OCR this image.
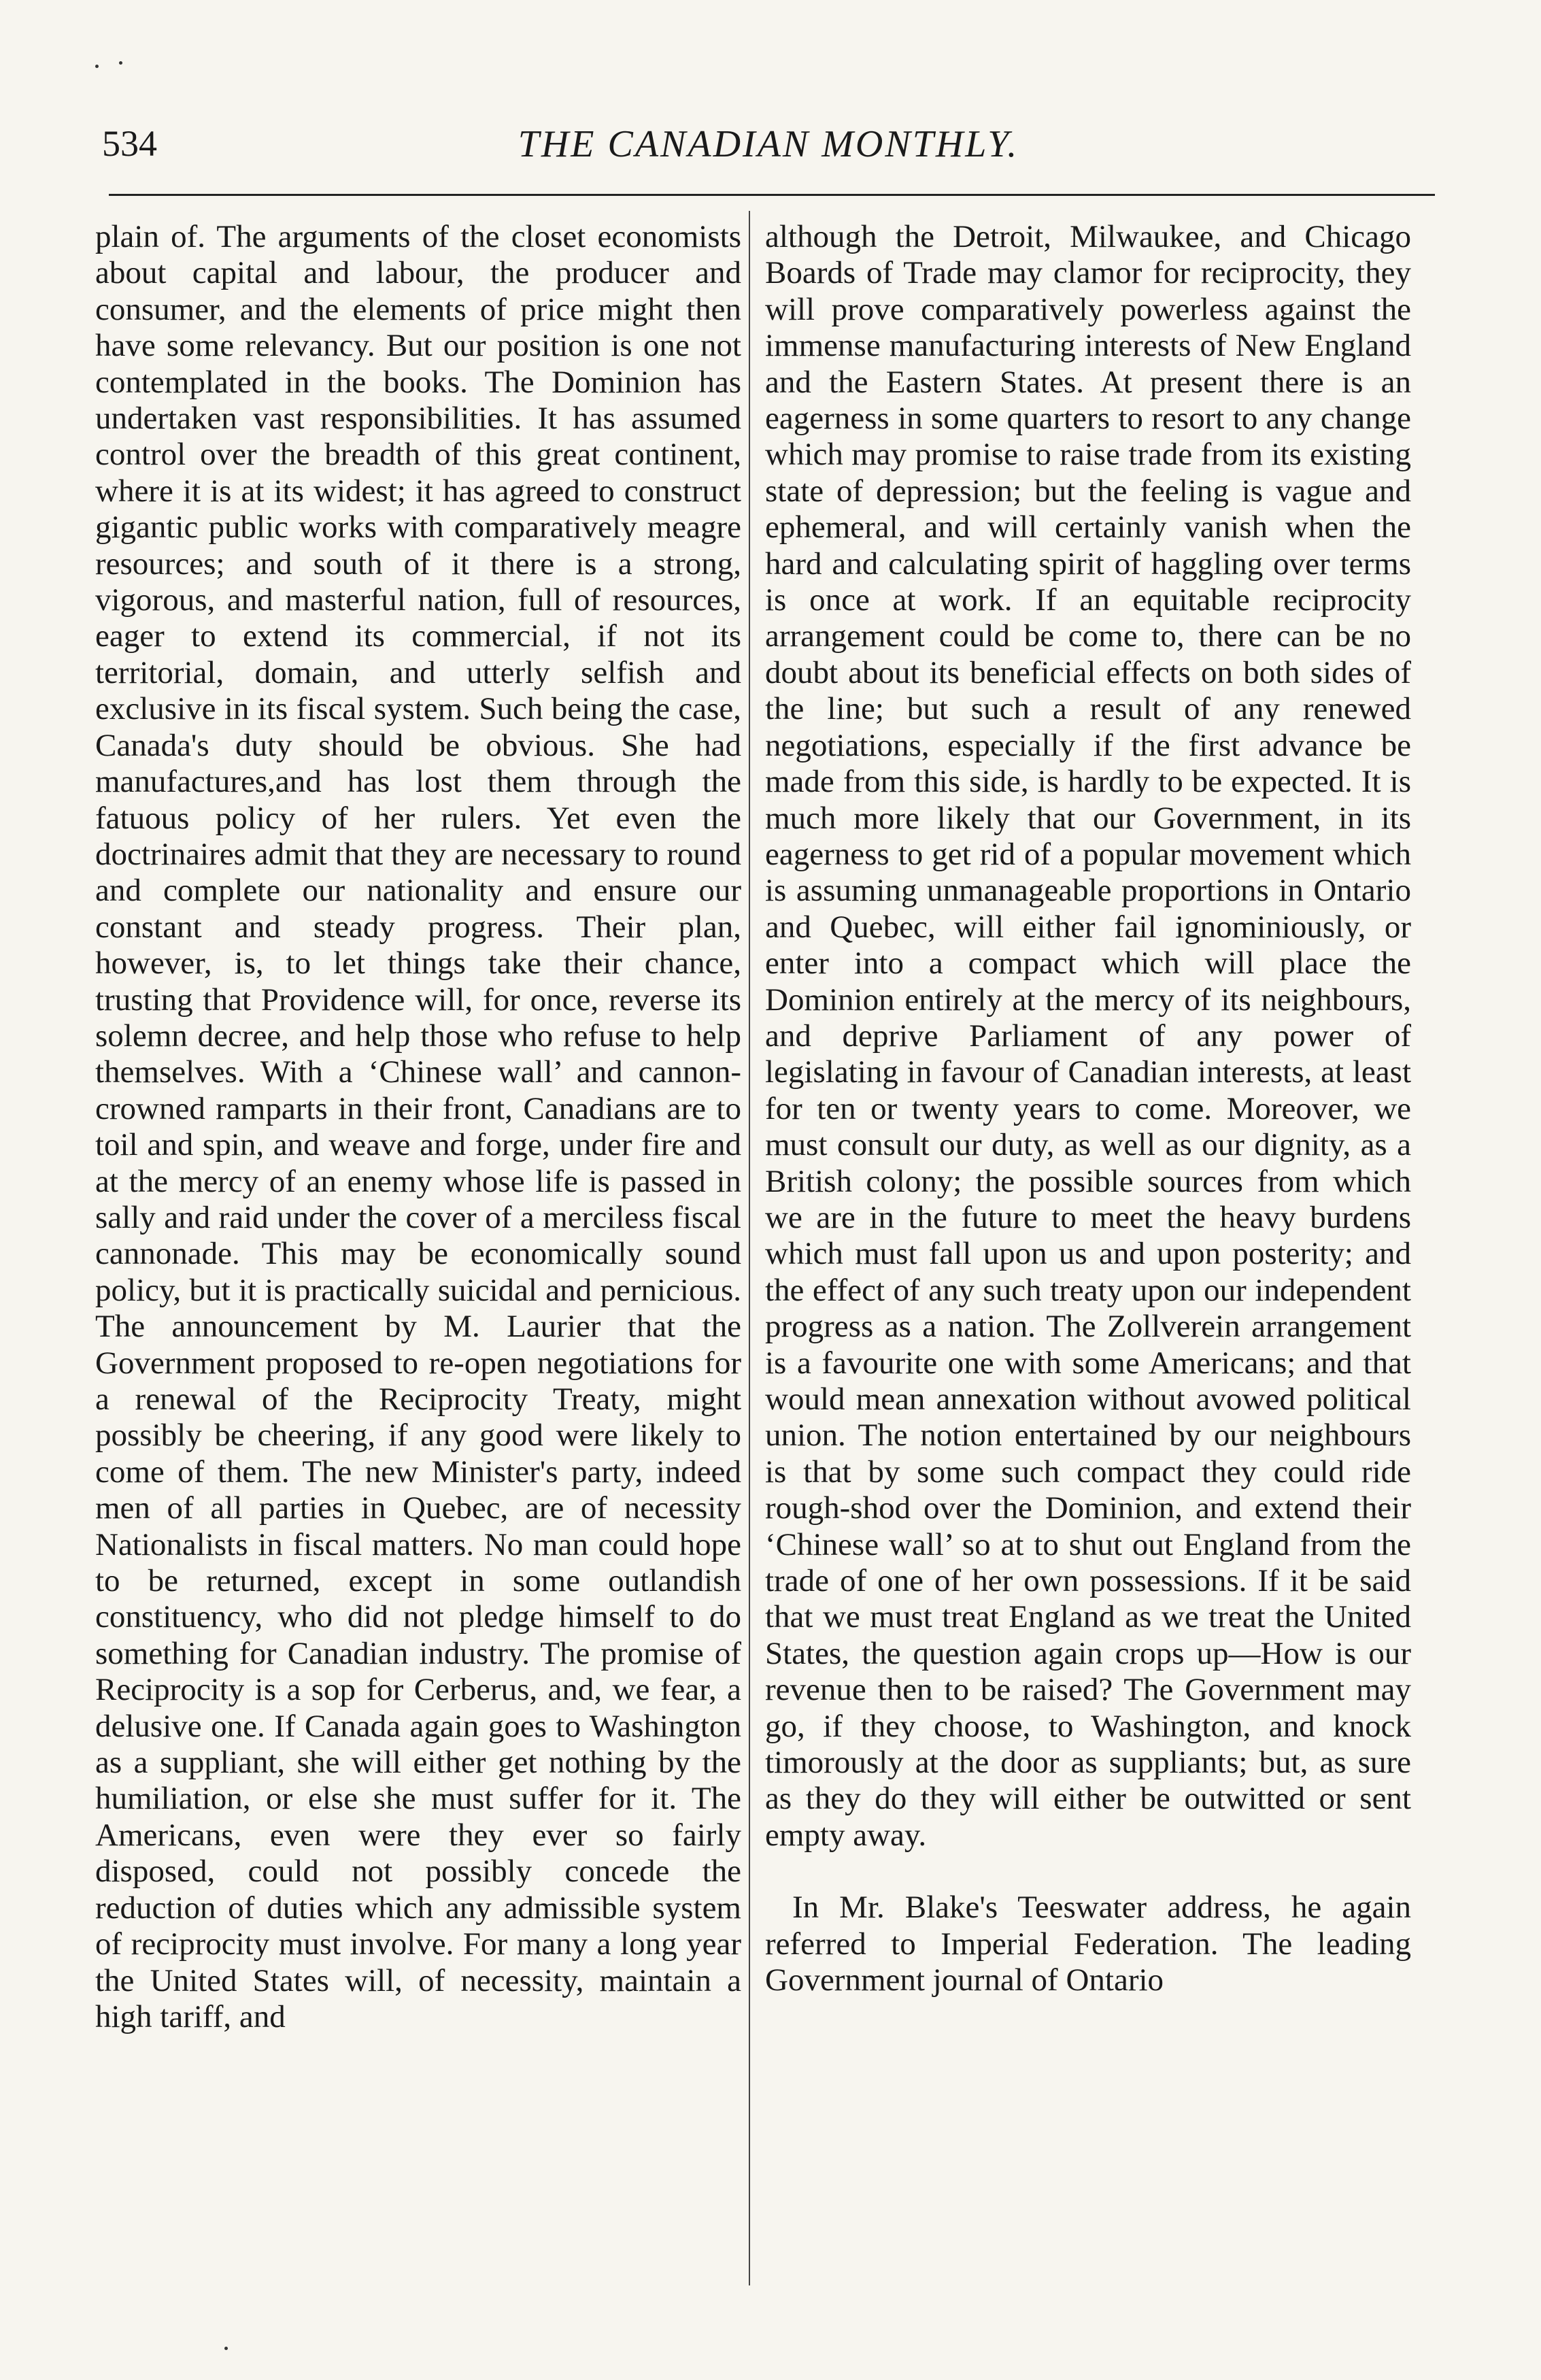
534	THE CANADIAN MONTHLY.

plain of. The arguments of the closet economists about capital and labour, the producer and consumer, and the elements of price might then have some relevancy. But our position is one not contemplated in the books. The Dominion has undertaken vast responsibilities. It has assumed control over the breadth of this great continent, where it is at its widest; it has agreed to construct gigantic public works with comparatively meagre resources; and south of it there is a strong, vigorous, and masterful nation, full of resources, eager to extend its commercial, if not its territorial, domain, and utterly selfish and exclusive in its fiscal system. Such being the case, Canada's duty should be obvious. She had manufactures,and has lost them through the fatuous policy of her rulers. Yet even the doctrinaires admit that they are necessary to round and complete our nationality and ensure our constant and steady progress. Their plan, however, is, to let things take their chance, trusting that Providence will, for once, reverse its solemn decree, and help those who refuse to help themselves. With a ‘Chinese wall’ and cannon-crowned ramparts in their front, Canadians are to toil and spin, and weave and forge, under fire and at the mercy of an enemy whose life is passed in sally and raid under the cover of a merciless fiscal cannonade. This may be economically sound policy, but it is practically suicidal and pernicious. The announcement by M. Laurier that the Government proposed to re-open negotiations for a renewal of the Reciprocity Treaty, might possibly be cheering, if any good were likely to come of them. The new Minister's party, indeed men of all parties in Quebec, are of necessity Nationalists in fiscal matters. No man could hope to be returned, except in some outlandish constituency, who did not pledge himself to do something for Canadian industry. The promise of Reciprocity is a sop for Cerberus, and, we fear, a delusive one. If Canada again goes to Washington as a suppliant, she will either get nothing by the humiliation, or else she must suffer for it. The Americans, even were they ever so fairly disposed, could not possibly concede the reduction of duties which any admissible system of reciprocity must involve. For many a long year the United States will, of necessity, maintain a high tariff, and

although the Detroit, Milwaukee, and Chicago Boards of Trade may clamor for reciprocity, they will prove comparatively powerless against the immense manufacturing interests of New England and the Eastern States. At present there is an eagerness in some quarters to resort to any change which may promise to raise trade from its existing state of depression; but the feeling is vague and ephemeral, and will certainly vanish when the hard and calculating spirit of haggling over terms is once at work. If an equitable reciprocity arrangement could be come to, there can be no doubt about its beneficial effects on both sides of the line; but such a result of any renewed negotiations, especially if the first advance be made from this side, is hardly to be expected. It is much more likely that our Government, in its eagerness to get rid of a popular movement which is assuming unmanageable proportions in Ontario and Quebec, will either fail ignominiously, or enter into a compact which will place the Dominion entirely at the mercy of its neighbours, and deprive Parliament of any power of legislating in favour of Canadian interests, at least for ten or twenty years to come. Moreover, we must consult our duty, as well as our dignity, as a British colony; the possible sources from which we are in the future to meet the heavy burdens which must fall upon us and upon posterity; and the effect of any such treaty upon our independent progress as a nation. The Zollverein arrangement is a favourite one with some Americans; and that would mean annexation without avowed political union. The notion entertained by our neighbours is that by some such compact they could ride rough-shod over the Dominion, and extend their ‘Chinese wall’ so at to shut out England from the trade of one of her own possessions. If it be said that we must treat England as we treat the United States, the question again crops up—How is our revenue then to be raised? The Government may go, if they choose, to Washington, and knock timorously at the door as suppliants; but, as sure as they do they will either be outwitted or sent empty away.

In Mr. Blake's Teeswater address, he again referred to Imperial Federation. The leading Government journal of Ontario
